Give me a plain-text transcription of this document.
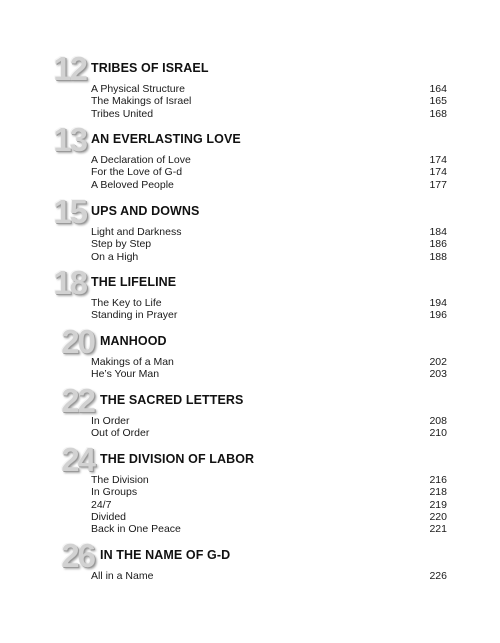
12 TRIBES OF ISRAEL
A Physical Structure	164
The Makings of Israel	165
Tribes United	168
13 AN EVERLASTING LOVE
A Declaration of Love	174
For the Love of G-d	174
A Beloved People	177
15 UPS AND DOWNS
Light and Darkness	184
Step by Step	186
On a High	188
18 THE LIFELINE
The Key to Life	194
Standing in Prayer	196
20 MANHOOD
Makings of a Man	202
He’s Your Man	203
22 THE SACRED LETTERS
In Order	208
Out of Order	210
24 THE DIVISION OF LABOR
The Division	216
In Groups	218
24/7	219
Divided	220
Back in One Peace	221
26 IN THE NAME OF G-D
All in a Name	226
